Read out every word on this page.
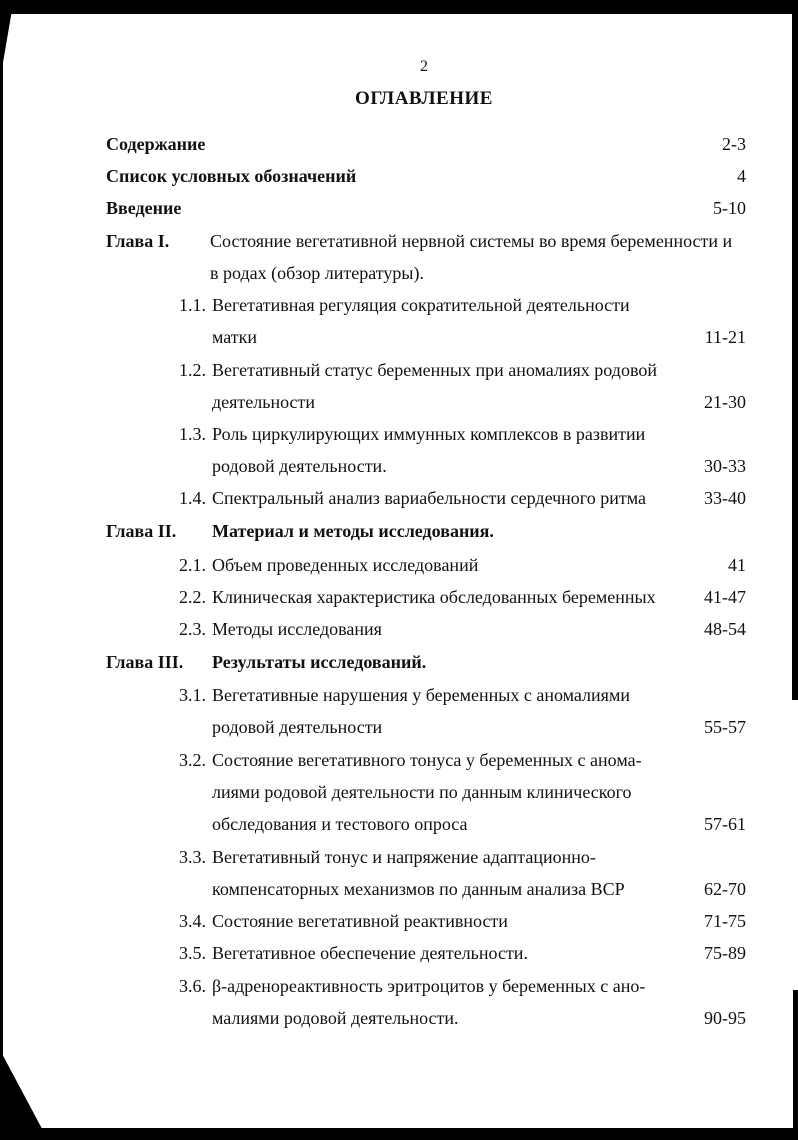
2
ОГЛАВЛЕНИЕ
Содержание	2-3
Список условных обозначений	4
Введение	5-10
Глава I. Состояние вегетативной нервной системы во время беременности и
в родах (обзор литературы).
1.1. Вегетативная регуляция сократительной деятельности
матки	11-21
1.2. Вегетативный статус беременных при аномалиях родовой
деятельности	21-30
1.3. Роль циркулирующих иммунных комплексов в развитии
родовой деятельности.	30-33
1.4. Спектральный анализ вариабельности сердечного ритма	33-40
Глава II. Материал и методы исследования.
2.1. Объем проведенных исследований	41
2.2. Клиническая характеристика обследованных беременных	41-47
2.3. Методы исследования	48-54
Глава III. Результаты исследований.
3.1. Вегетативные нарушения у беременных с аномалиями
родовой деятельности	55-57
3.2. Состояние вегетативного тонуса у беременных с анома-
лиями родовой деятельности по данным клинического
обследования и тестового опроса	57-61
3.3. Вегетативный тонус и напряжение адаптационно-
компенсаторных механизмов по данным анализа ВСР	62-70
3.4. Состояние вегетативной реактивности	71-75
3.5. Вегетативное обеспечение деятельности.	75-89
3.6. β-адренореактивность эритроцитов у беременных с ано-
малиями родовой деятельности.	90-95
